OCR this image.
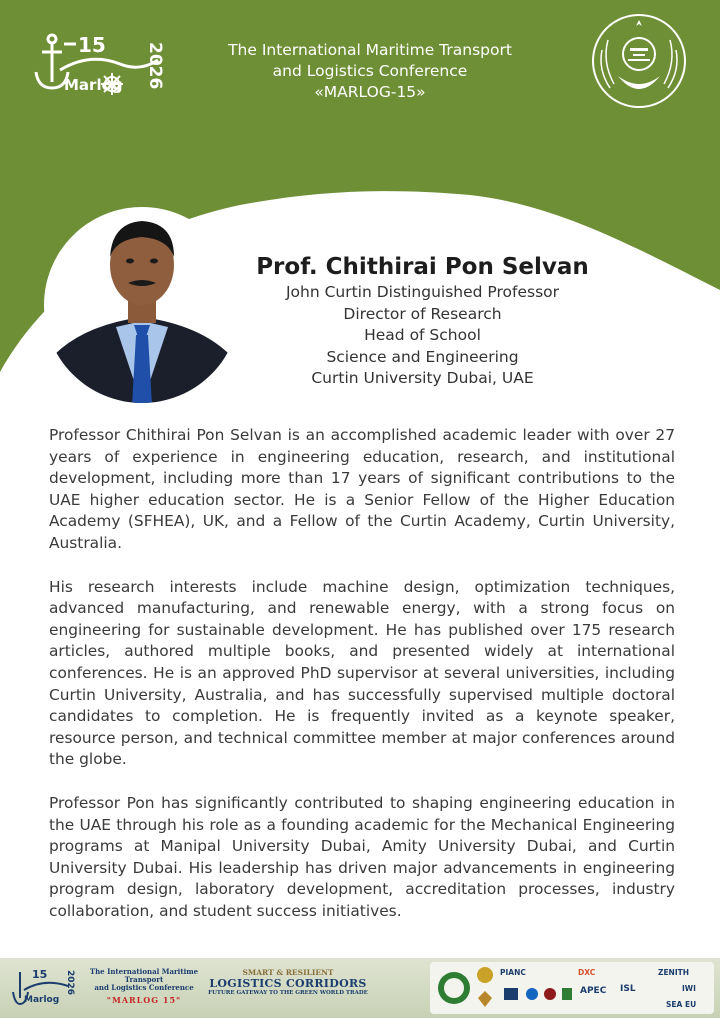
15
Marlog 2026	The International Maritime Transport
and Logistics Conference
«MARLOG-15»
Prof. Chithirai Pon Selvan
John Curtin Distinguished Professor
Director of Research
Head of School
Science and Engineering
Curtin University Dubai, UAE

Professor Chithirai Pon Selvan is an accomplished academic leader with over 27 years of experience in engineering education, research, and institutional development, including more than 17 years of significant contributions to the UAE higher education sector. He is a Senior Fellow of the Higher Education Academy (SFHEA), UK, and a Fellow of the Curtin Academy, Curtin University, Australia.

His research interests include machine design, optimization techniques, advanced manufacturing, and renewable energy, with a strong focus on engineering for sustainable development. He has published over 175 research articles, authored multiple books, and presented widely at international conferences. He is an approved PhD supervisor at several universities, including Curtin University, Australia, and has successfully supervised multiple doctoral candidates to completion. He is frequently invited as a keynote speaker, resource person, and technical committee member at major conferences around the globe.

Professor Pon has significantly contributed to shaping engineering education in the UAE through his role as a founding academic for the Mechanical Engineering programs at Manipal University Dubai, Amity University Dubai, and Curtin University Dubai. His leadership has driven major advancements in engineering program design, laboratory development, accreditation processes, industry collaboration, and student success initiatives.

15
Marlog
2026	The International Maritime Transport
and Logistics Conference
"MARLOG 15"
SMART & RESILIENT
LOGISTICS CORRIDORS
FUTURE GATEWAY TO THE GREEN WORLD TRADE
PIANC	DXC	ZENITH
APEC ISL	IWI
SEA EU
